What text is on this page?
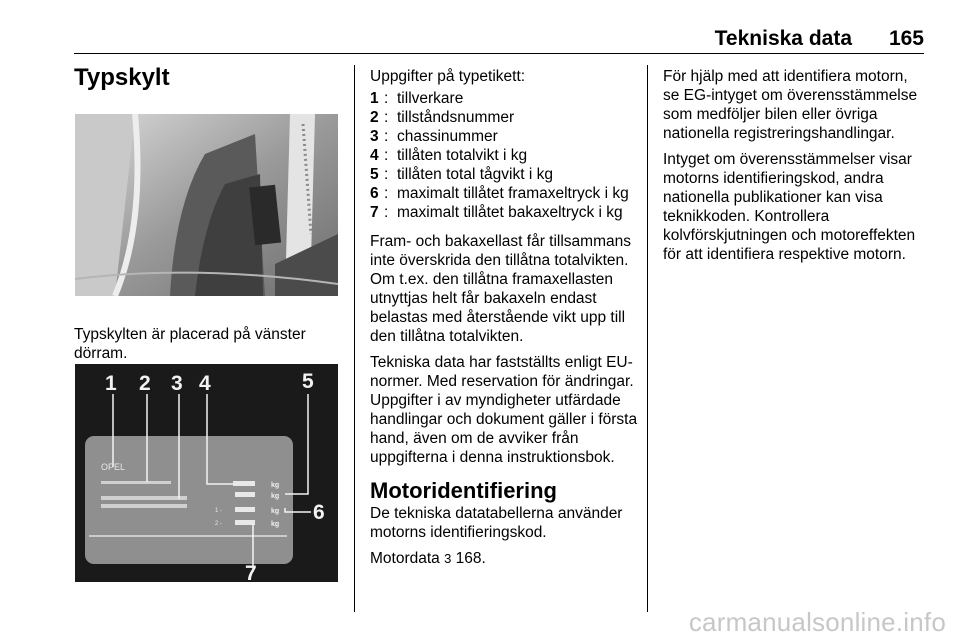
Tekniska data 165
Typskylt
Typskylten är placerad på vänster dörram.
OPEL
1 -
2 -
kg
kg
kg
kg
1 2 3 4	5
6
7

Uppgifter på typetikett:

1 : tillverkare
2 : tillståndsnummer
3 : chassinummer
4 : tillåten totalvikt i kg
5 : tillåten total tågvikt i kg
6 : maximalt tillåtet framaxeltryck i kg
7 : maximalt tillåtet bakaxeltryck i kg

Fram- och bakaxellast får tillsammans inte överskrida den tillåtna totalvikten. Om t.ex. den tillåtna framaxellasten utnyttjas helt får bakaxeln endast belastas med återstående vikt upp till den tillåtna totalvikten.

Tekniska data har fastställts enligt EU-normer. Med reservation för ändringar. Uppgifter i av myndigheter utfärdade handlingar och dokument gäller i första hand, även om de avviker från uppgifterna i denna instruktionsbok.

Motoridentifiering

De tekniska datatabellerna använder motorns identifieringskod.

Motordata 3 168.

För hjälp med att identifiera motorn, se EG-intyget om överensstämmelse som medföljer bilen eller övriga nationella registreringshandlingar.

Intyget om överensstämmelser visar motorns identifieringskod, andra nationella publikationer kan visa teknikkoden. Kontrollera kolvförskjutningen och motoreffekten för att identifiera respektive motorn.

carmanualsonline.info
